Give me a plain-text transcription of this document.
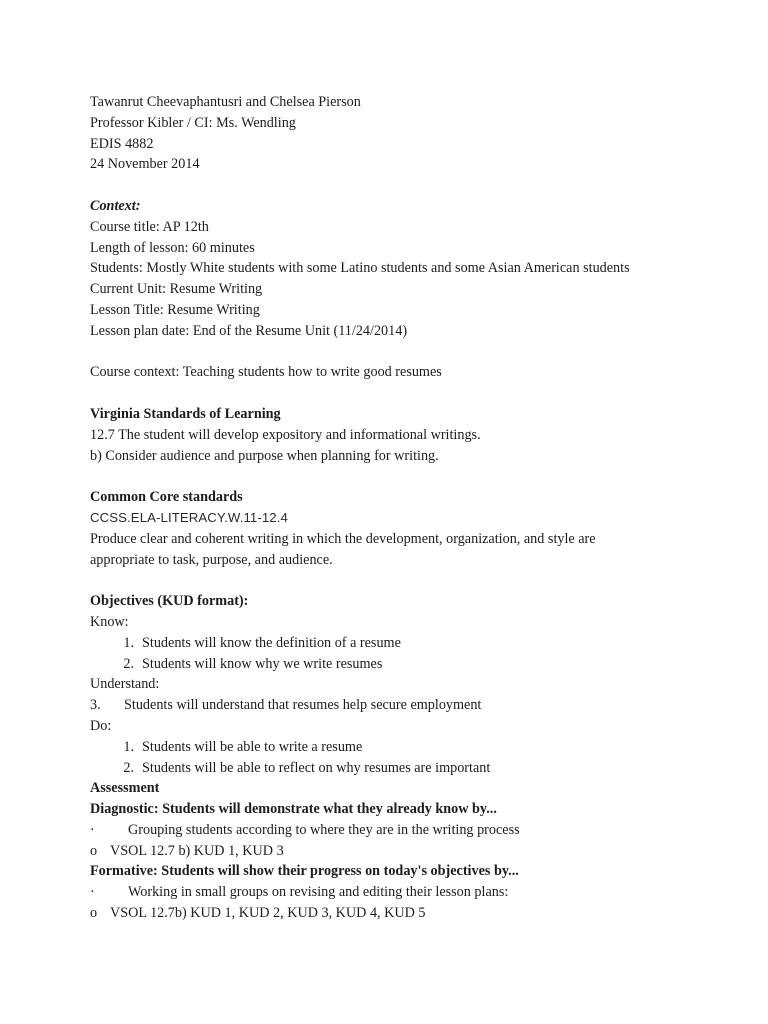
Tawanrut Cheevaphantusri and Chelsea Pierson
Professor Kibler / CI: Ms. Wendling
EDIS 4882
24 November 2014
Context:
Course title: AP 12th
Length of lesson: 60 minutes
Students: Mostly White students with some Latino students and some Asian American students
Current Unit: Resume Writing
Lesson Title: Resume Writing
Lesson plan date: End of the Resume Unit (11/24/2014)
Course context: Teaching students how to write good resumes
Virginia Standards of Learning
12.7 The student will develop expository and informational writings.
b) Consider audience and purpose when planning for writing.
Common Core standards
CCSS.ELA-LITERACY.W.11-12.4
Produce clear and coherent writing in which the development, organization, and style are appropriate to task, purpose, and audience.
Objectives (KUD format):
Know:
1. Students will know the definition of a resume
2. Students will know why we write resumes
Understand:
3. Students will understand that resumes help secure employment
Do:
1. Students will be able to write a resume
2. Students will be able to reflect on why resumes are important
Assessment
Diagnostic: Students will demonstrate what they already know by...
· Grouping students according to where they are in the writing process
o VSOL 12.7 b) KUD 1, KUD 3
Formative: Students will show their progress on today's objectives by...
· Working in small groups on revising and editing their lesson plans:
o VSOL 12.7b) KUD 1, KUD 2, KUD 3, KUD 4, KUD 5
